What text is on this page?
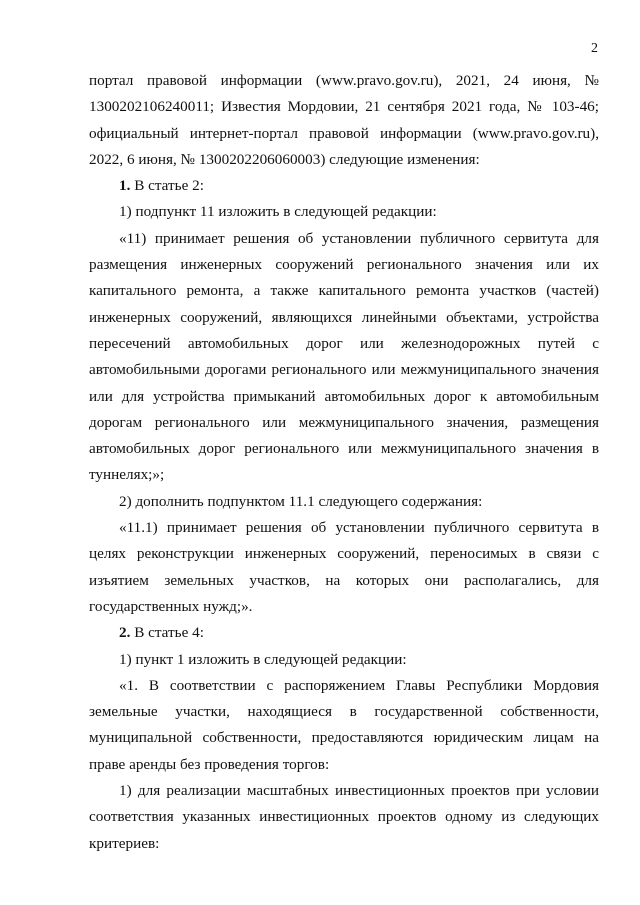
2

портал правовой информации (www.pravo.gov.ru), 2021, 24 июня, № 1300202106240011; Известия Мордовии, 21 сентября 2021 года, № 103-46; официальный интернет-портал правовой информации (www.pravo.gov.ru), 2022, 6 июня, № 1300202206060003) следующие изменения:

1. В статье 2:

1) подпункт 11 изложить в следующей редакции:

«11) принимает решения об установлении публичного сервитута для размещения инженерных сооружений регионального значения или их капитального ремонта, а также капитального ремонта участков (частей) инженерных сооружений, являющихся линейными объектами, устройства пересечений автомобильных дорог или железнодорожных путей с автомобильными дорогами регионального или межмуниципального значения или для устройства примыканий автомобильных дорог к автомобильным дорогам регионального или межмуниципального значения, размещения автомобильных дорог регионального или межмуниципального значения в туннелях;»;

2) дополнить подпунктом 11.1 следующего содержания:

«11.1) принимает решения об установлении публичного сервитута в целях реконструкции инженерных сооружений, переносимых в связи с изъятием земельных участков, на которых они располагались, для государственных нужд;».

2. В статье 4:

1) пункт 1 изложить в следующей редакции:

«1. В соответствии с распоряжением Главы Республики Мордовия земельные участки, находящиеся в государственной собственности, муниципальной собственности, предоставляются юридическим лицам на праве аренды без проведения торгов:

1) для реализации масштабных инвестиционных проектов при условии соответствия указанных инвестиционных проектов одному из следующих критериев:
